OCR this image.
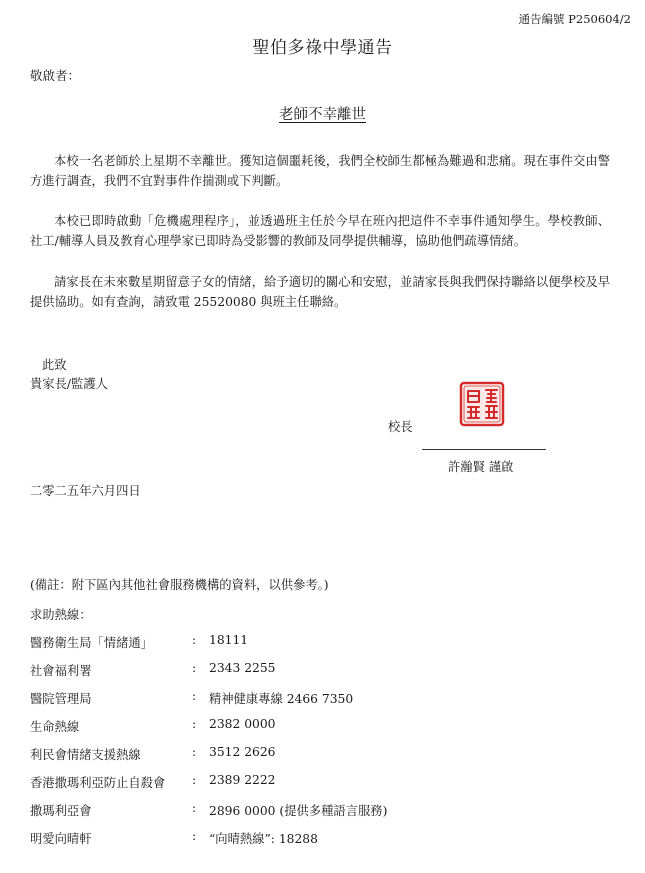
通告編號 P250604/2
聖伯多祿中學通告
敬啟者：
老師不幸離世

本校一名老師於上星期不幸離世。獲知這個噩耗後，我們全校師生都極為難過和悲痛。現在事件交由警方進行調查，我們不宜對事件作揣測或下判斷。

本校已即時啟動「危機處理程序」，並透過班主任於今早在班內把這件不幸事件通知學生。學校教師、社工/輔導人員及教育心理學家已即時為受影響的教師及同學提供輔導，協助他們疏導情緒。

請家長在未來數星期留意子女的情緒，給予適切的關心和安慰，並請家長與我們保持聯絡以便學校及早提供協助。如有查詢，請致電 25520080 與班主任聯絡。

此致
貴家長/監護人
校長
許瀚賢 謹啟
二零二五年六月四日
(備註：附下區內其他社會服務機構的資料，以供參考。)
求助熱線：
醫務衛生局「情緒通」	: 18111
社會福利署	: 2343 2255
醫院管理局	: 精神健康專線 2466 7350
生命熱線	: 2382 0000
利民會情緒支援熱線	: 3512 2626
香港撒瑪利亞防止自殺會 : 2389 2222
撒瑪利亞會	: 2896 0000 (提供多種語言服務)
明愛向晴軒	: “向晴熱線”: 18288
